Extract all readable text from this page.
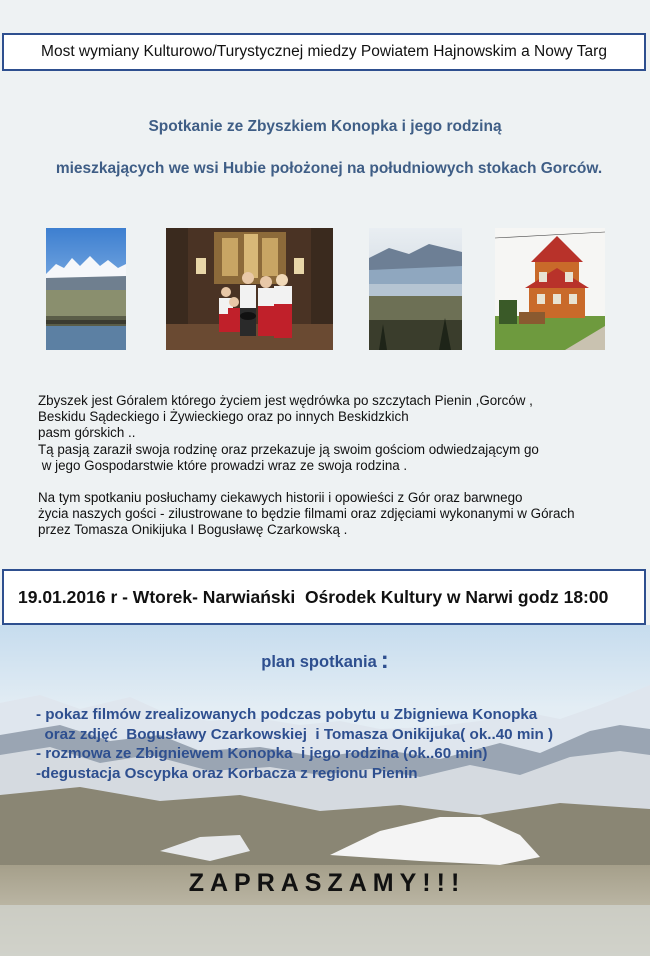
Most wymiany Kulturowo/Turystycznej miedzy Powiatem Hajnowskim a Nowy Targ
Spotkanie ze Zbyszkiem Konopka i jego rodziną
mieszkających we wsi Hubie położonej na południowych stokach Gorców.

Zbyszek jest Góralem którego życiem jest wędrówka po szczytach Pienin ,Gorców ,

Beskidu Sądeckiego i Żywieckiego oraz po innych Beskidzkich

pasm górskich ..

Tą pasją zaraził swoja rodzinę oraz przekazuje ją swoim gościom odwiedzającym go

w jego Gospodarstwie które prowadzi wraz ze swoja rodzina .

Na tym spotkaniu posłuchamy ciekawych historii i opowieści z Gór oraz barwnego

życia naszych gości - zilustrowane to będzie filmami oraz zdjęciami wykonanymi w Górach

przez Tomasza Onikijuka I Bogusławę Czarkowską .

19.01.2016 r - Wtorek- Narwiański  Ośrodek Kultury w Narwi godz 18:00
plan spotkania :
- pokaz filmów zrealizowanych podczas pobytu u Zbigniewa Konopka
oraz zdjęć  Bogusławy Czarkowskiej  i Tomasza Onikijuka( ok..40 min )
- rozmowa ze Zbigniewem Konopka  i jego rodzina (ok..60 min)
-degustacja Oscypka oraz Korbacza z regionu Pienin
ZAPRASZAMY!!!
